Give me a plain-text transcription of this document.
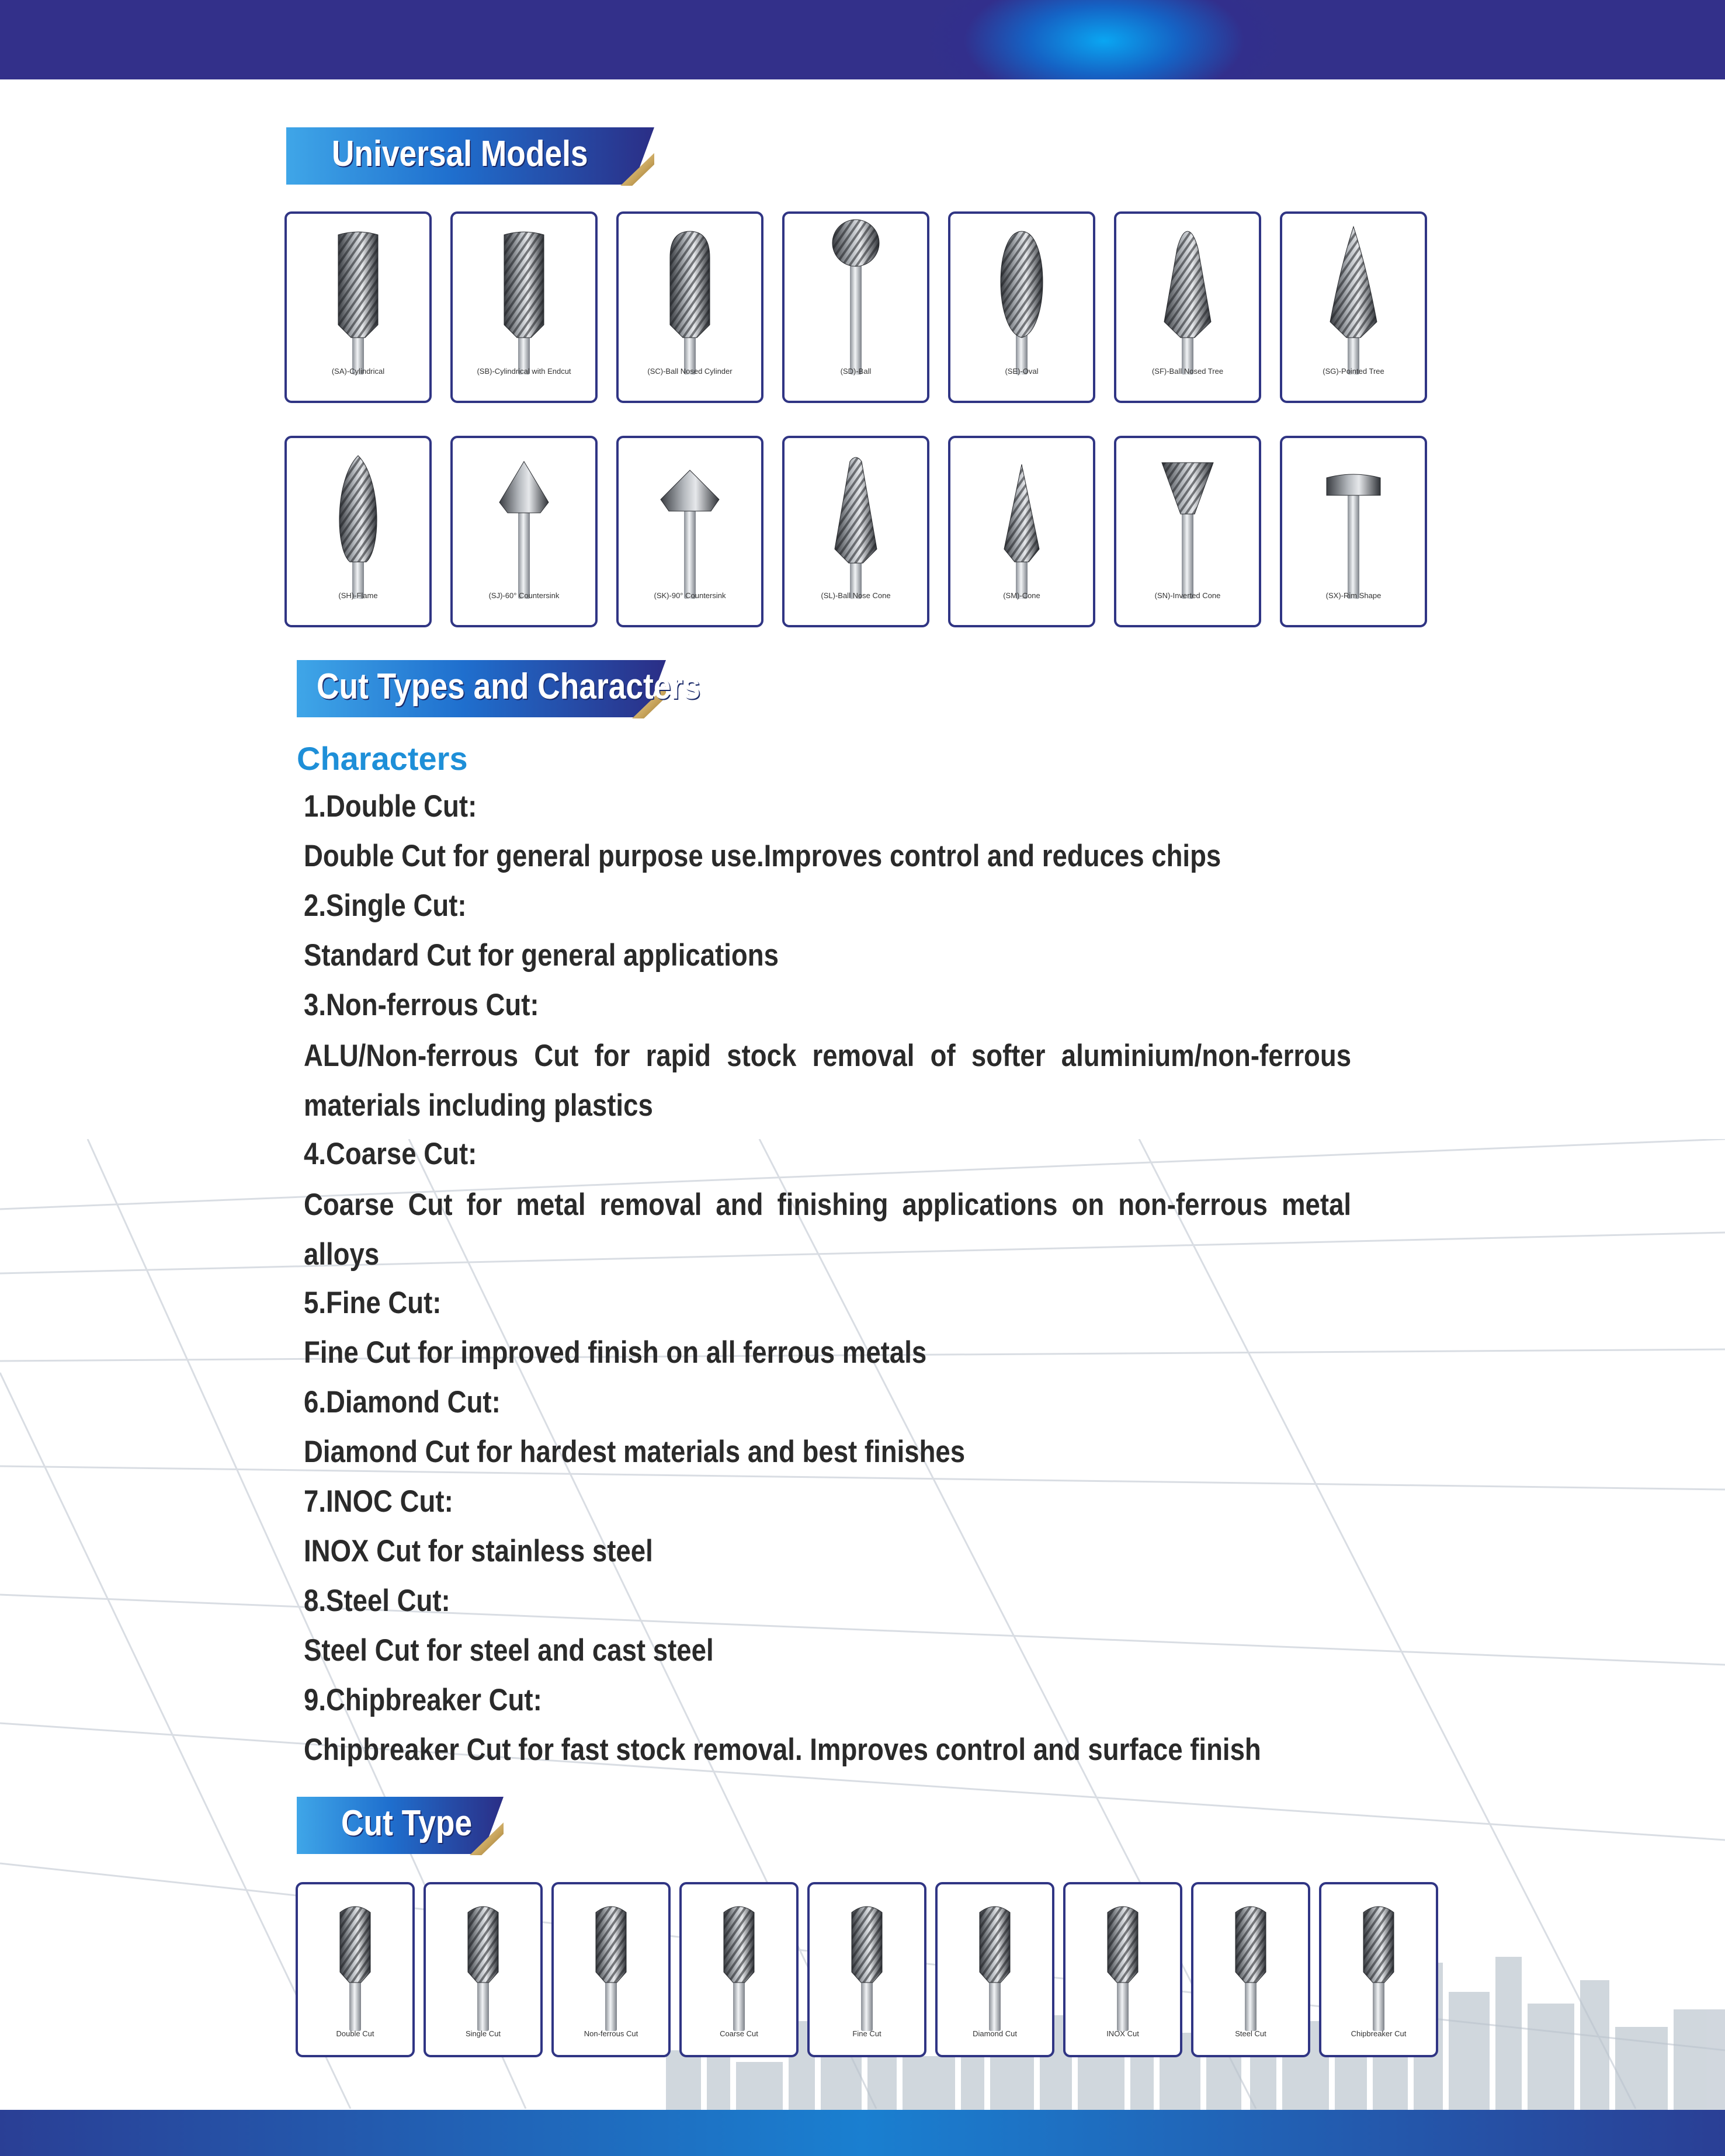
Universal Models
Cut Types and Characters
Characters
1.Double Cut:
Double Cut for general purpose use.Improves control and reduces chips
2.Single Cut:
Standard Cut for general applications
3.Non-ferrous Cut:
ALU/Non-ferrous Cut for rapid stock removal of softer aluminium/non-ferrous materials including plastics
4.Coarse Cut:
Coarse Cut for metal removal and finishing applications on non-ferrous metal alloys
5.Fine Cut:
Fine Cut for improved finish on all ferrous metals
6.Diamond Cut:
Diamond Cut for hardest materials and best finishes
7.INOC Cut:
INOX Cut for stainless steel
8.Steel Cut:
Steel Cut for steel and cast steel
9.Chipbreaker Cut:
Chipbreaker Cut for fast stock removal. Improves control and surface finish
Cut Type
(SA)-Cylindrical	(SB)-Cylindrical with Endcut	(SC)-Ball Nosed Cylinder	(SD)-Ball	(SE)-Oval	(SF)-Ball Nosed Tree	(SG)-Pointed Tree
(SH)-Flame	(SJ)-60° Countersink	(SK)-90° Countersink	(SL)-Ball Nose Cone	(SM)-Cone	(SN)-Inverted Cone	(SX)-Rim Shape
Double Cut	Single Cut	Non-ferrous Cut	Coarse Cut	Fine Cut	Diamond Cut	INOX Cut	Steel Cut	Chipbreaker Cut
